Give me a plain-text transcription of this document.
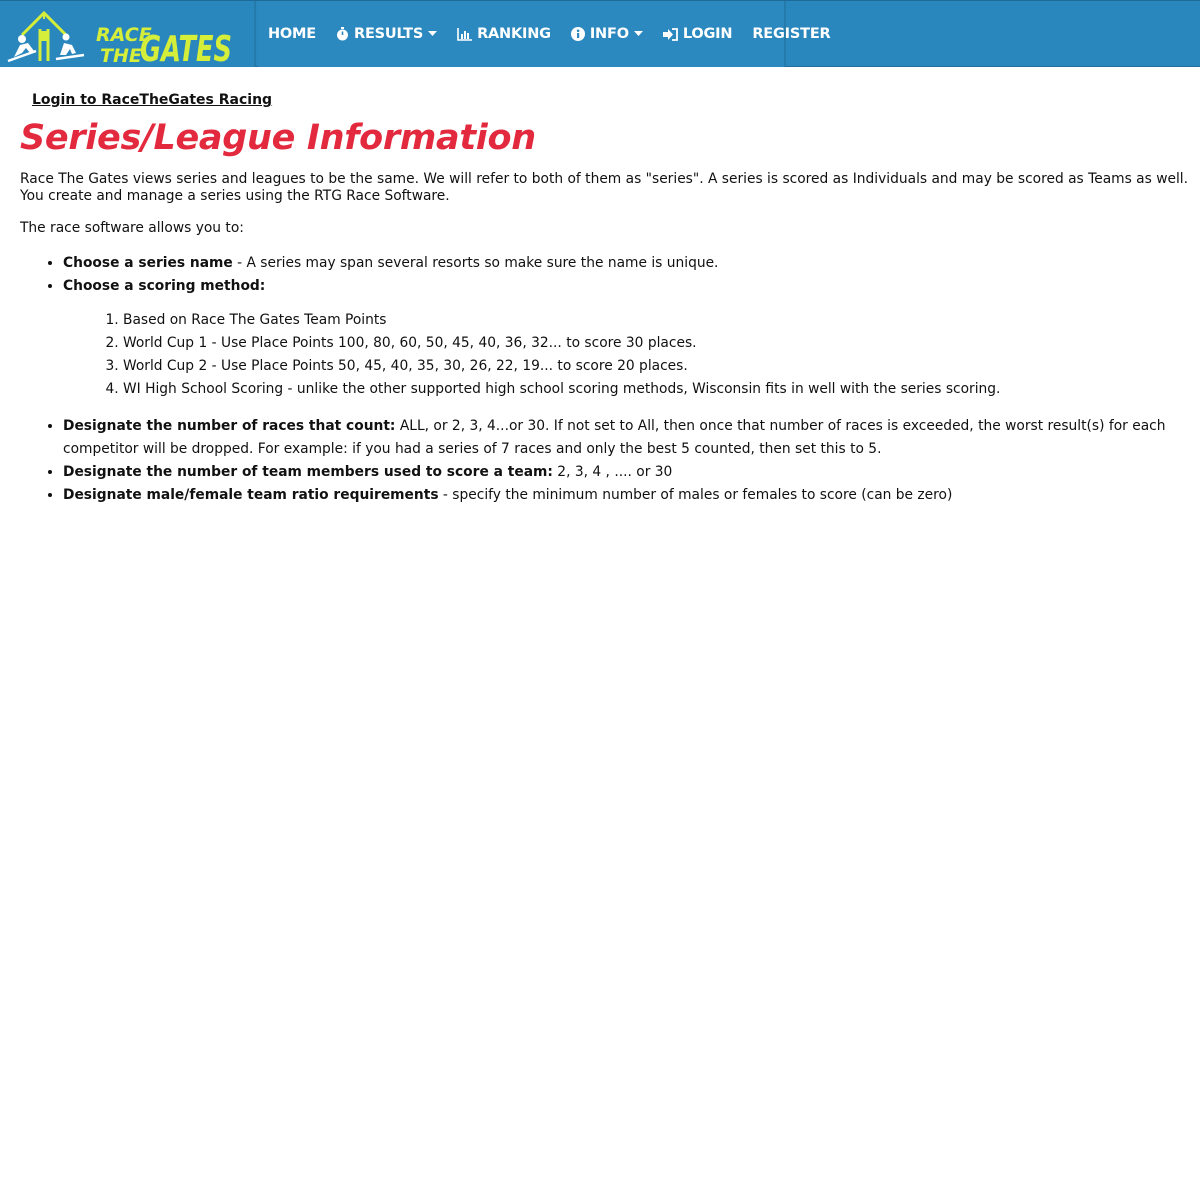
RACE
THE
GATES HOME	RESULTS	RANKING	INFO	LOGIN REGISTER
Login to RaceTheGates Racing
Series/League Information

Race The Gates views series and leagues to be the same. We will refer to both of them as "series". A series is scored as Individuals and may be scored as Teams as well. You create and manage a series using the RTG Race Software.

The race software allows you to:

• Choose a series name - A series may span several resorts so make sure the name is unique.
• Choose a scoring method:
1. Based on Race The Gates Team Points
2. World Cup 1 - Use Place Points 100, 80, 60, 50, 45, 40, 36, 32... to score 30 places.
3. World Cup 2 - Use Place Points 50, 45, 40, 35, 30, 26, 22, 19... to score 20 places.
4. WI High School Scoring - unlike the other supported high school scoring methods, Wisconsin fits in well with the series scoring.
• Designate the number of races that count: ALL, or 2, 3, 4...or 30. If not set to All, then once that number of races is exceeded, the worst result(s) for each competitor will be dropped. For example: if you had a series of 7 races and only the best 5 counted, then set this to 5.
• Designate the number of team members used to score a team: 2, 3, 4 , .... or 30
• Designate male/female team ratio requirements - specify the minimum number of males or females to score (can be zero)
